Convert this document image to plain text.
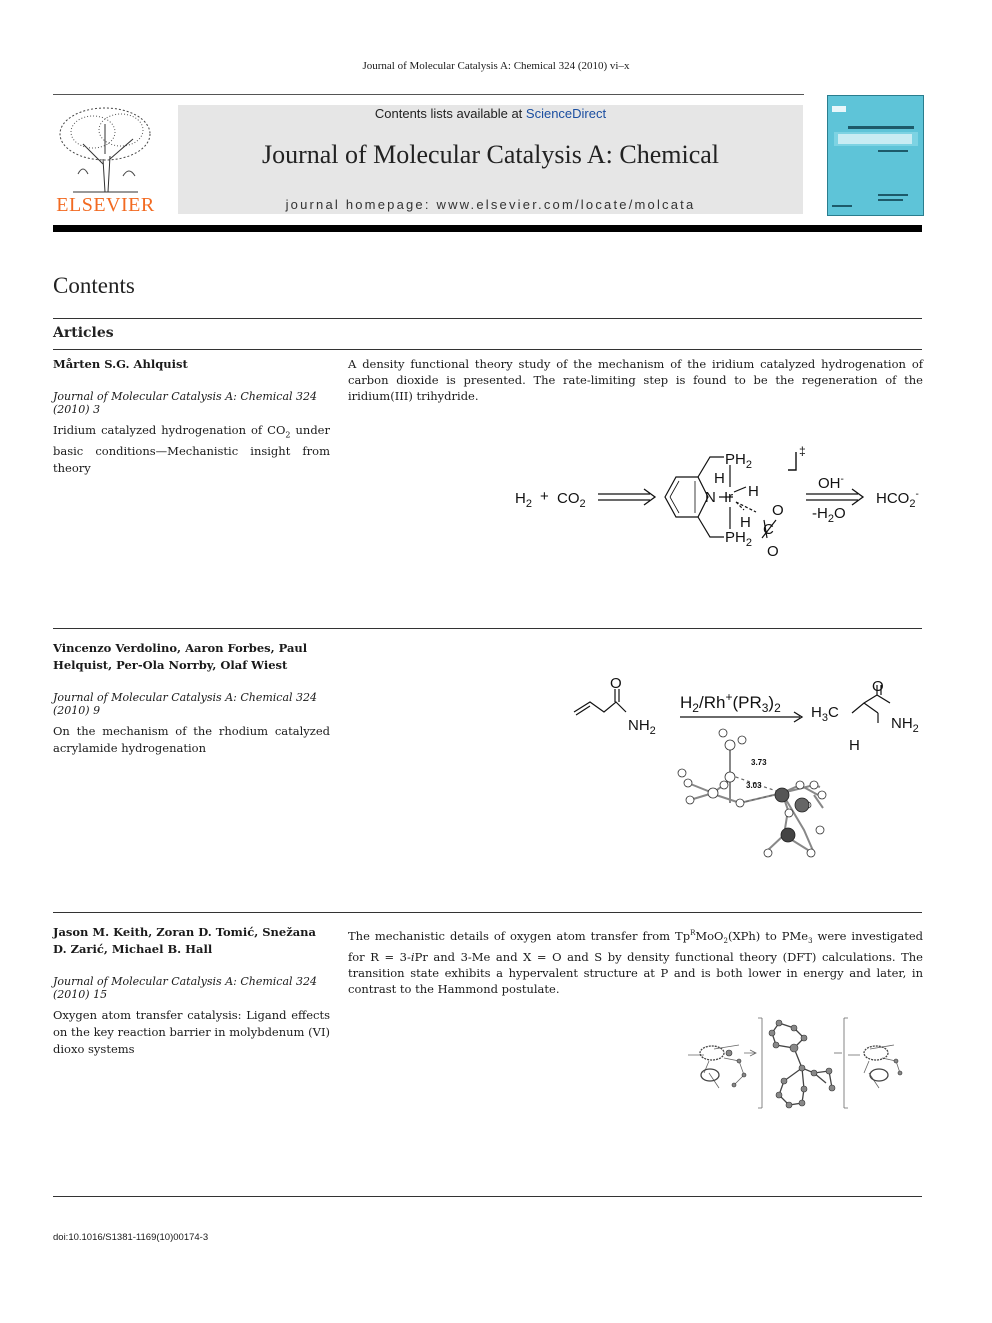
Journal of Molecular Catalysis A: Chemical 324 (2010) vi–x
ELSEVIER
Contents lists available at ScienceDirect
Journal of Molecular Catalysis A: Chemical
journal homepage: www.elsevier.com/locate/molcata
Contents
Articles
Mårten S.G. Ahlquist
Journal of Molecular Catalysis A: Chemical 324 (2010) 3
Iridium catalyzed hydrogenation of $CO_2$ under basic conditions—Mechanistic insight from theory
A density functional theory study of the mechanism of the iridium catalyzed hydrogenation of carbon dioxide is presented. The rate-limiting step is found to be the regeneration of the iridium(III) trihydride.
$H_2 + CO_2$
$PH_2$
H
N Ir H
O
H C
O
$PH_2$
‡
OH-
$-H_2O$
$HCO_2^-$
Vincenzo Verdolino, Aaron Forbes, Paul Helquist, Per-Ola Norrby, Olaf Wiest
Journal of Molecular Catalysis A: Chemical 324 (2010) 9
On the mechanism of the rhodium catalyzed acrylamide hydrogenation
O
$NH_2$
$H_2/Rh^+(PR_3)_2$ $H_3C$
O
$NH_2$
H
3.73
3.03
Jason M. Keith, Zoran D. Tomić, Snežana D. Zarić, Michael B. Hall
Journal of Molecular Catalysis A: Chemical 324 (2010) 15
Oxygen atom transfer catalysis: Ligand effects on the key reaction barrier in molybdenum (VI) dioxo systems
The mechanistic details of oxygen atom transfer from $Tp^RMoO_2(XPh)$ to PMe$_3$ were investigated for R = 3-iPr and 3-Me and X = O and S by density functional theory (DFT) calculations. The transition state exhibits a hypervalent structure at P and is both lower in energy and later, in contrast to the Hammond postulate.
doi:10.1016/S1381-1169(10)00174-3
